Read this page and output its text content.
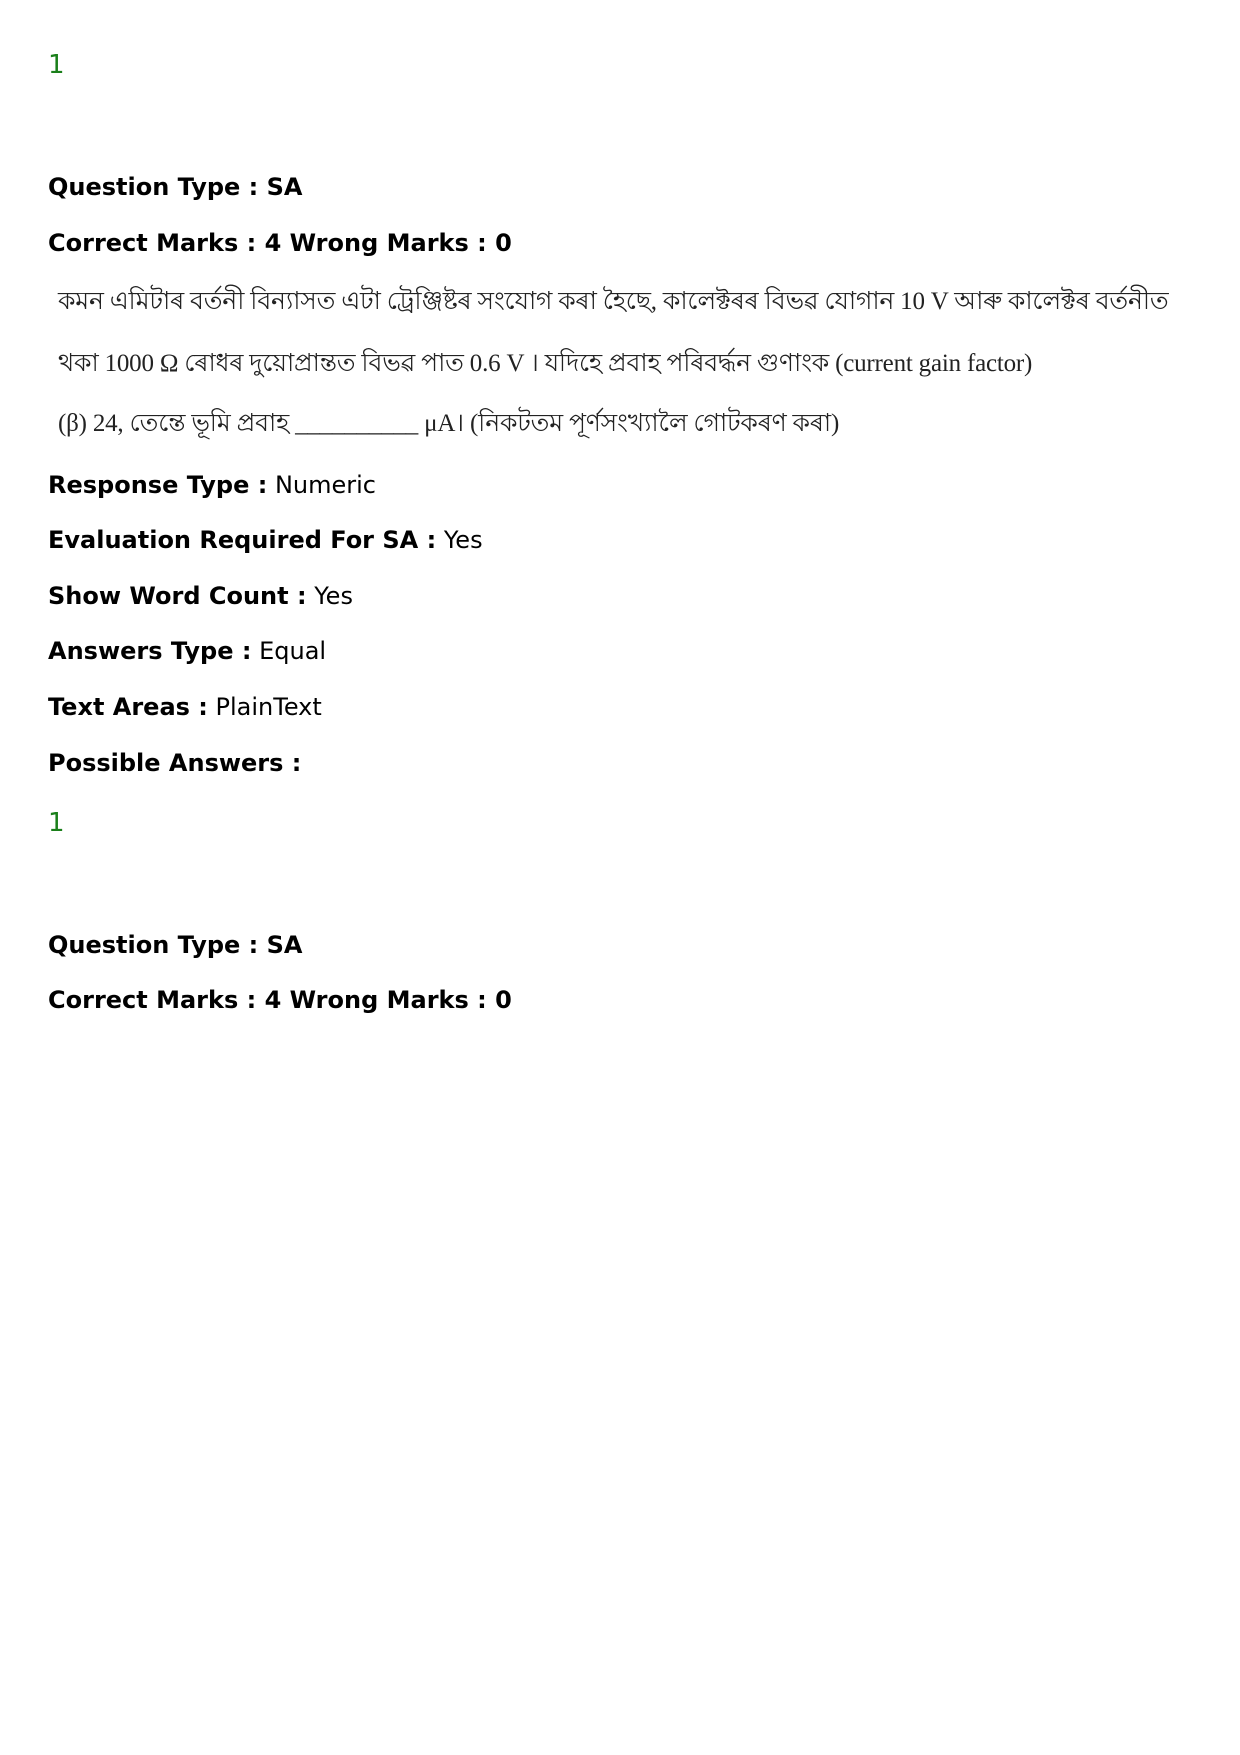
1
Question Type : SA
Correct Marks : 4 Wrong Marks : 0
কমন এমিটাৰ বৰ্তনী বিন্যাসত এটা ট্ৰেঞ্জিষ্টৰ সংযোগ কৰা হৈছে, কালেক্টৰৰ বিভৱ যোগান 10 V আৰু কালেক্টৰ বৰ্তনীত
থকা 1000 Ω ৰোধৰ দুয়োপ্ৰান্তত বিভৱ পাত 0.6 V । যদিহে প্ৰবাহ পৰিবৰ্দ্ধন গুণাংক (current gain factor)
(β) 24, তেন্তে ভূমি প্ৰবাহ __________ μA। (নিকটতম পূৰ্ণসংখ্যালৈ গোটকৰণ কৰা)
Response Type : Numeric
Evaluation Required For SA : Yes
Show Word Count : Yes
Answers Type : Equal
Text Areas : PlainText
Possible Answers :
1
Question Type : SA
Correct Marks : 4 Wrong Marks : 0
